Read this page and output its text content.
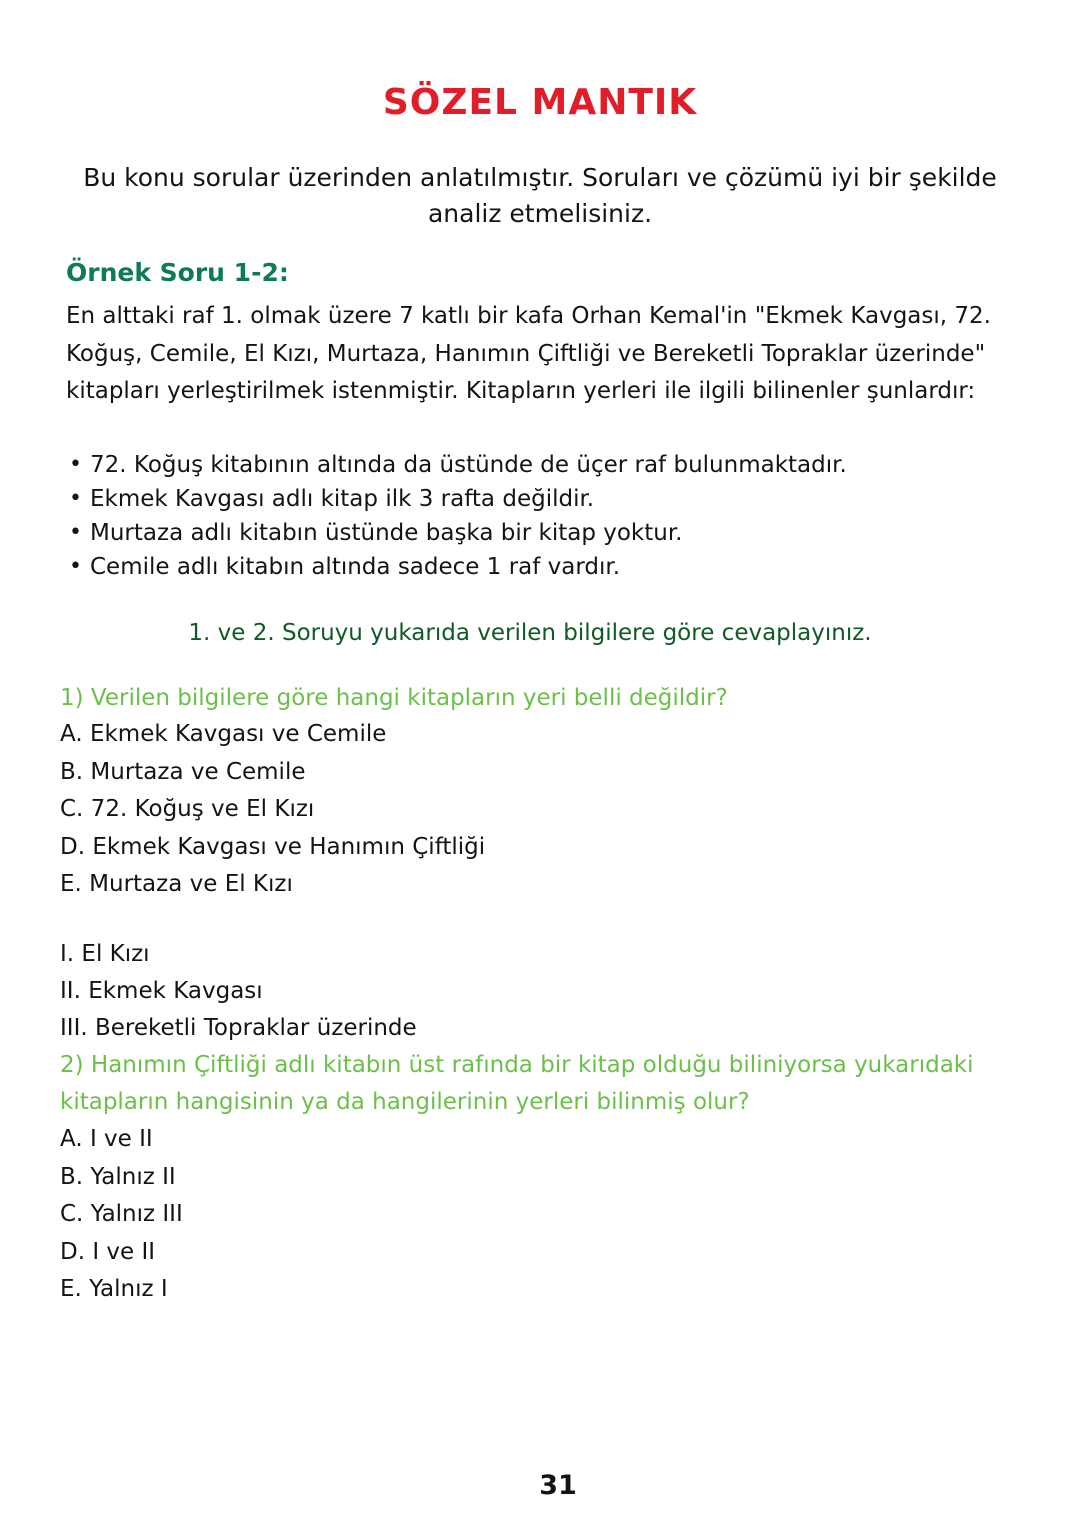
SÖZEL MANTIK

Bu konu sorular üzerinden anlatılmıştır. Soruları ve çözümü iyi bir şekilde analiz etmelisiniz.

Örnek Soru 1-2:

En alttaki raf 1. olmak üzere 7 katlı bir kafa Orhan Kemal'in "Ekmek Kavgası, 72. Koğuş, Cemile, El Kızı, Murtaza, Hanımın Çiftliği ve Bereketli Topraklar üzerinde" kitapları yerleştirilmek istenmiştir. Kitapların yerleri ile ilgili bilinenler şunlardır:

• 72. Koğuş kitabının altında da üstünde de üçer raf bulunmaktadır.
• Ekmek Kavgası adlı kitap ilk 3 rafta değildir.
• Murtaza adlı kitabın üstünde başka bir kitap yoktur.
• Cemile adlı kitabın altında sadece 1 raf vardır.

1. ve 2. Soruyu yukarıda verilen bilgilere göre cevaplayınız.

1) Verilen bilgilere göre hangi kitapların yeri belli değildir?

A. Ekmek Kavgası ve Cemile
B. Murtaza ve Cemile
C. 72. Koğuş ve El Kızı
D. Ekmek Kavgası ve Hanımın Çiftliği
E. Murtaza ve El Kızı
I. El Kızı
II. Ekmek Kavgası
III. Bereketli Topraklar üzerinde

2) Hanımın Çiftliği adlı kitabın üst rafında bir kitap olduğu biliniyorsa yukarıdaki kitapların hangisinin ya da hangilerinin yerleri bilinmiş olur?

A. I ve II
B. Yalnız II
C. Yalnız III
D. I ve II
E. Yalnız I

31
